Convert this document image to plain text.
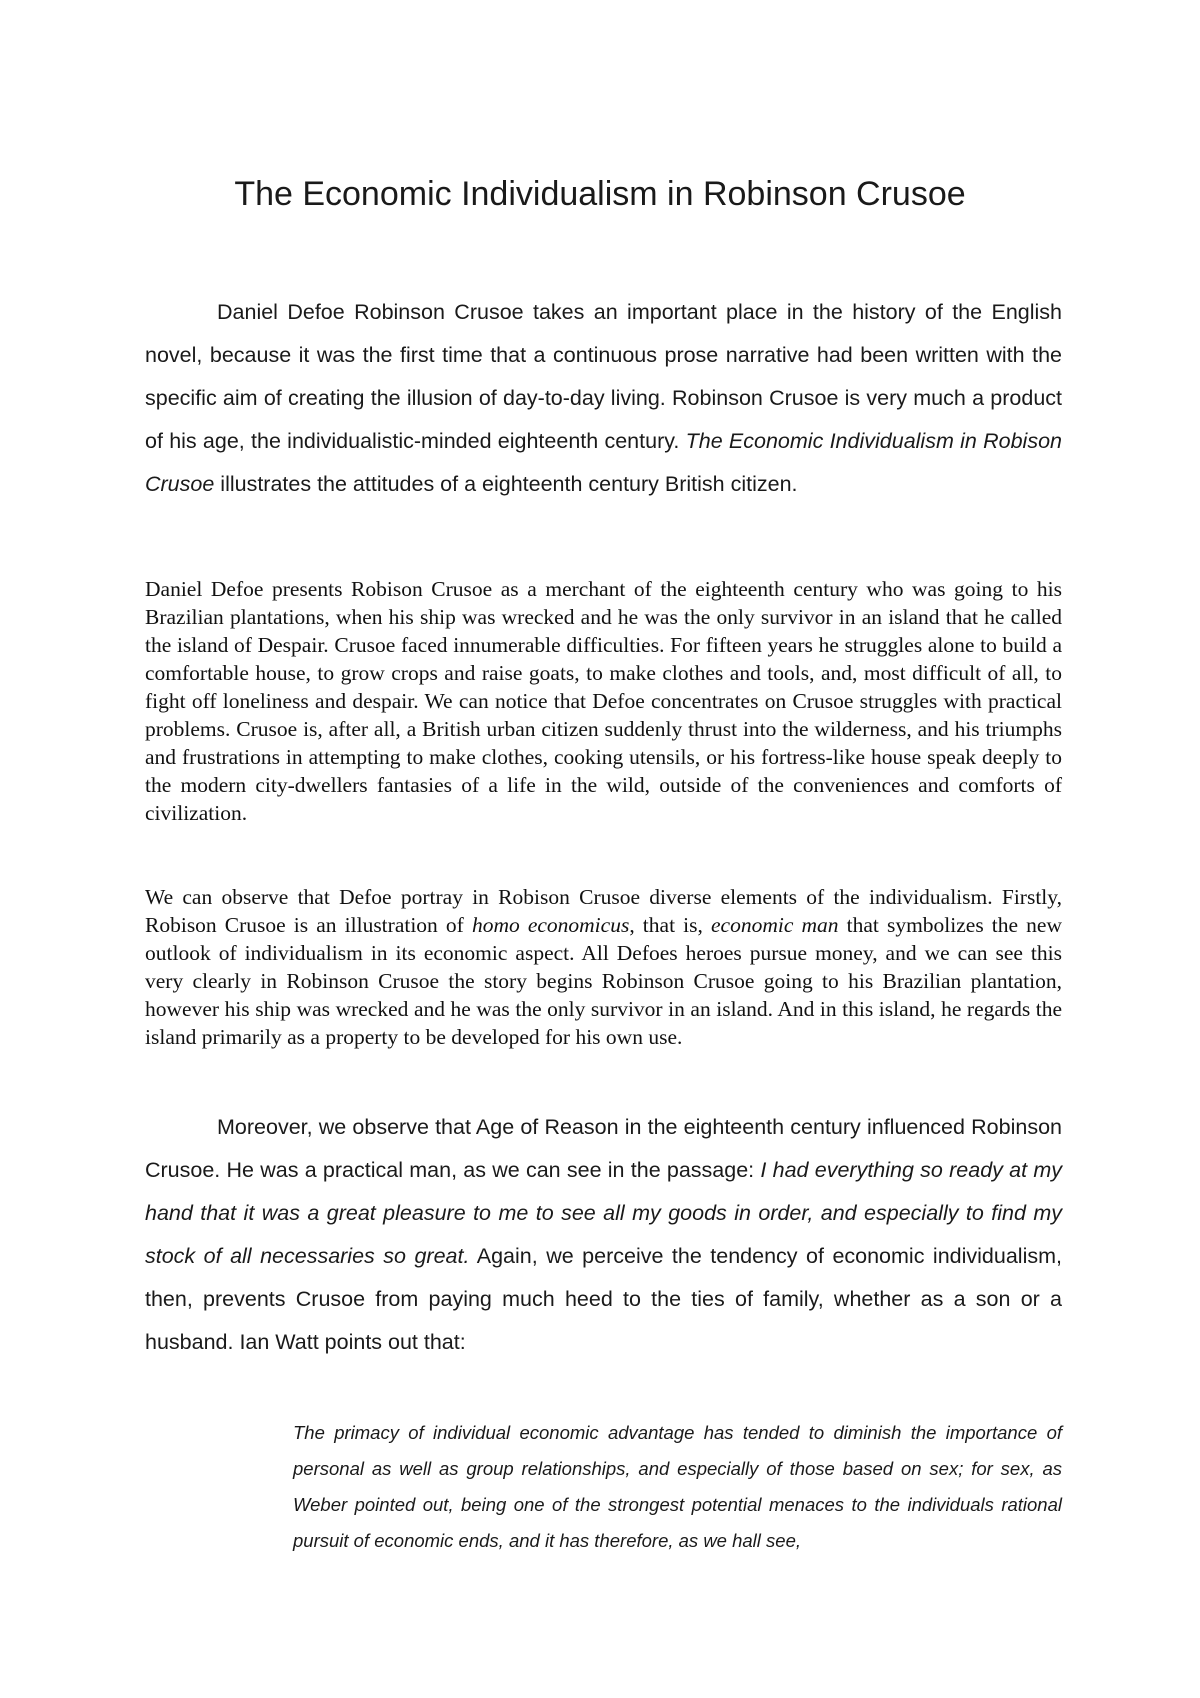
The Economic Individualism in Robinson Crusoe

Daniel Defoe Robinson Crusoe takes an important place in the history of the English novel, because it was the first time that a continuous prose narrative had been written with the specific aim of creating the illusion of day-to-day living. Robinson Crusoe is very much a product of his age, the individualistic-minded eighteenth century. The Economic Individualism in Robison Crusoe illustrates the attitudes of a eighteenth century British citizen.

Daniel Defoe presents Robison Crusoe as a merchant of the eighteenth century who was going to his Brazilian plantations, when his ship was wrecked and he was the only survivor in an island that he called the island of Despair. Crusoe faced innumerable difficulties. For fifteen years he struggles alone to build a comfortable house, to grow crops and raise goats, to make clothes and tools, and, most difficult of all, to fight off loneliness and despair. We can notice that Defoe concentrates on Crusoe struggles with practical problems. Crusoe is, after all, a British urban citizen suddenly thrust into the wilderness, and his triumphs and frustrations in attempting to make clothes, cooking utensils, or his fortress-like house speak deeply to the modern city-dwellers fantasies of a life in the wild, outside of the conveniences and comforts of civilization.

We can observe that Defoe portray in Robison Crusoe diverse elements of the individualism. Firstly, Robison Crusoe is an illustration of homo economicus, that is, economic man that symbolizes the new outlook of individualism in its economic aspect. All Defoes heroes pursue money, and we can see this very clearly in Robinson Crusoe the story begins Robinson Crusoe going to his Brazilian plantation, however his ship was wrecked and he was the only survivor in an island. And in this island, he regards the island primarily as a property to be developed for his own use.

Moreover, we observe that Age of Reason in the eighteenth century influenced Robinson Crusoe. He was a practical man, as we can see in the passage: I had everything so ready at my hand that it was a great pleasure to me to see all my goods in order, and especially to find my stock of all necessaries so great. Again, we perceive the tendency of economic individualism, then, prevents Crusoe from paying much heed to the ties of family, whether as a son or a husband. Ian Watt points out that:

The primacy of individual economic advantage has tended to diminish the importance of personal as well as group relationships, and especially of those based on sex; for sex, as Weber pointed out, being one of the strongest potential menaces to the individuals rational pursuit of economic ends, and it has therefore, as we hall see,
